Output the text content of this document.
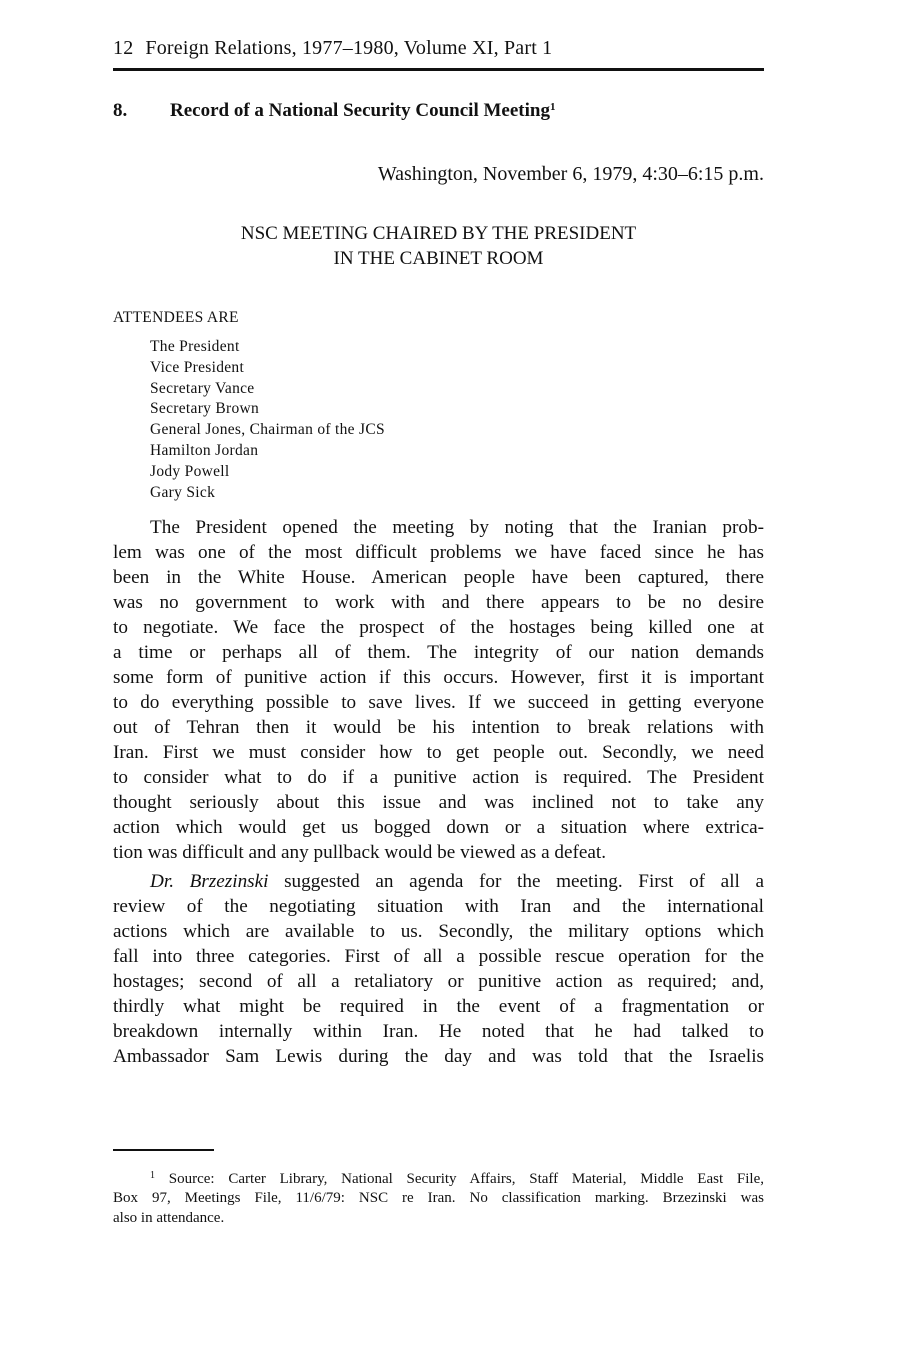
12 Foreign Relations, 1977–1980, Volume XI, Part 1
8. Record of a National Security Council Meeting$^1$
Washington, November 6, 1979, 4:30–6:15 p.m.
NSC MEETING CHAIRED BY THE PRESIDENT
IN THE CABINET ROOM
ATTENDEES ARE
The President
Vice President
Secretary Vance
Secretary Brown
General Jones, Chairman of the JCS
Hamilton Jordan
Jody Powell
Gary Sick
The President opened the meeting by noting that the Iranian prob-
lem was one of the most difficult problems we have faced since he has
been in the White House. American people have been captured, there
was no government to work with and there appears to be no desire
to negotiate. We face the prospect of the hostages being killed one at
a time or perhaps all of them. The integrity of our nation demands
some form of punitive action if this occurs. However, first it is important
to do everything possible to save lives. If we succeed in getting everyone
out of Tehran then it would be his intention to break relations with
Iran. First we must consider how to get people out. Secondly, we need
to consider what to do if a punitive action is required. The President
thought seriously about this issue and was inclined not to take any
action which would get us bogged down or a situation where extrica-
tion was difficult and any pullback would be viewed as a defeat.
Dr. Brzezinski suggested an agenda for the meeting. First of all a
review of the negotiating situation with Iran and the international
actions which are available to us. Secondly, the military options which
fall into three categories. First of all a possible rescue operation for the
hostages; second of all a retaliatory or punitive action as required; and,
thirdly what might be required in the event of a fragmentation or
breakdown internally within Iran. He noted that he had talked to
Ambassador Sam Lewis during the day and was told that the Israelis
$^1$ Source: Carter Library, National Security Affairs, Staff Material, Middle East File,
Box 97, Meetings File, 11/6/79: NSC re Iran. No classification marking. Brzezinski was
also in attendance.
